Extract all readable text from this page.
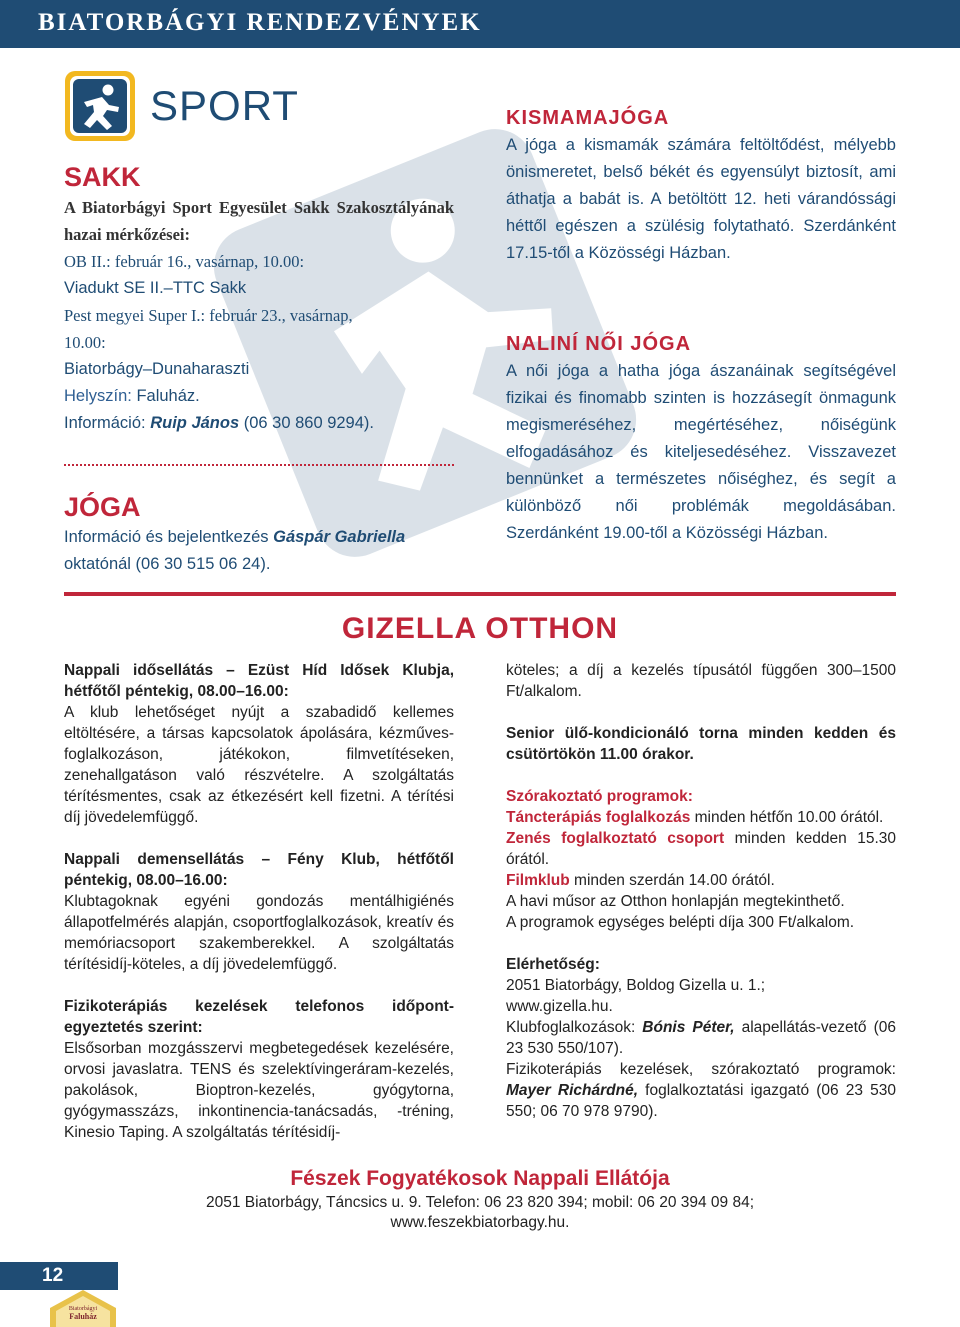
BIATORBÁGYI RENDEZVÉNYEK
SPORT
SAKK
A Biatorbágyi Sport Egyesület Sakk Szakosztályának hazai mérkőzései:
OB II.: február 16., vasárnap, 10.00:
Viadukt SE II.–TTC Sakk
Pest megyei Super I.: február 23., vasárnap, 10.00:
Biatorbágy–Dunaharaszti
Helyszín: Faluház.
Információ: Ruip János (06 30 860 9294).
JÓGA
Információ és bejelentkezés Gáspár Gabriella oktatónál (06 30 515 06 24).
KISMAMAJÓGA
A jóga a kismamák számára feltöltődést, mélyebb önismeretet, belső békét és egyensúlyt biztosít, ami áthatja a babát is. A betöltött 12. heti várandóssági héttől egészen a szülésig folytatható. Szerdánként 17.15-től a Közösségi Házban.
NALINÍ NŐI JÓGA
A női jóga a hatha jóga ászanáinak segítségével fizikai és finomabb szinten is hozzásegít önmagunk megismeréséhez, megértéséhez, nőiségünk elfogadásához és kiteljesedéséhez. Visszavezet bennünket a természetes nőiséghez, és segít a különböző női problémák megoldásában. Szerdánként 19.00-től a Közösségi Házban.
GIZELLA OTTHON

Nappali idősellátás – Ezüst Híd Idősek Klubja, hétfőtől péntekig, 08.00–16.00:

A klub lehetőséget nyújt a szabadidő kellemes eltöltésére, a társas kapcsolatok ápolására, kézműves-foglalkozáson, játékokon, filmvetítéseken, zenehallgatáson való részvételre. A szolgáltatás térítésmentes, csak az étkezésért kell fizetni. A térítési díj jövedelemfüggő.

Nappali demensellátás – Fény Klub, hétfőtől péntekig, 08.00–16.00:

Klubtagoknak egyéni gondozás mentálhigiénés állapotfelmérés alapján, csoportfoglalkozások, kreatív és memóriacsoport szakemberekkel. A szolgáltatás térítésidíj-köteles, a díj jövedelemfüggő.

Fizikoterápiás kezelések telefonos időpont-egyeztetés szerint:

Elsősorban mozgásszervi megbetegedések kezelésére, orvosi javaslatra. TENS és szelektívingeráram-kezelés, pakolások, Bioptron-kezelés, gyógytorna, gyógymasszázs, inkontinencia-tanácsadás, -tréning, Kinesio Taping. A szolgáltatás térítésidíj-

köteles; a díj a kezelés típusától függően 300–1500 Ft/alkalom.

Senior ülő-kondicionáló torna minden kedden és csütörtökön 11.00 órakor.

Szórakoztató programok:

Táncterápiás foglalkozás minden hétfőn 10.00 órától.

Zenés foglalkoztató csoport minden kedden 15.30 órától.

Filmklub minden szerdán 14.00 órától.

A havi műsor az Otthon honlapján megtekinthető.

A programok egységes belépti díja 300 Ft/alkalom.

Elérhetőség:

2051 Biatorbágy, Boldog Gizella u. 1.;

www.gizella.hu.

Klubfoglalkozások: Bónis Péter, alapellátás-vezető (06 23 530 550/107).

Fizikoterápiás kezelések, szórakoztató programok: Mayer Richárdné, foglalkoztatási igazgató (06 23 530 550; 06 70 978 9790).

Fészek Fogyatékosok Nappali Ellátója
2051 Biatorbágy, Táncsics u. 9. Telefon: 06 23 820 394; mobil: 06 20 394 09 84;
www.feszekbiatorbagy.hu.
12
Biatorbágyi
Faluház
